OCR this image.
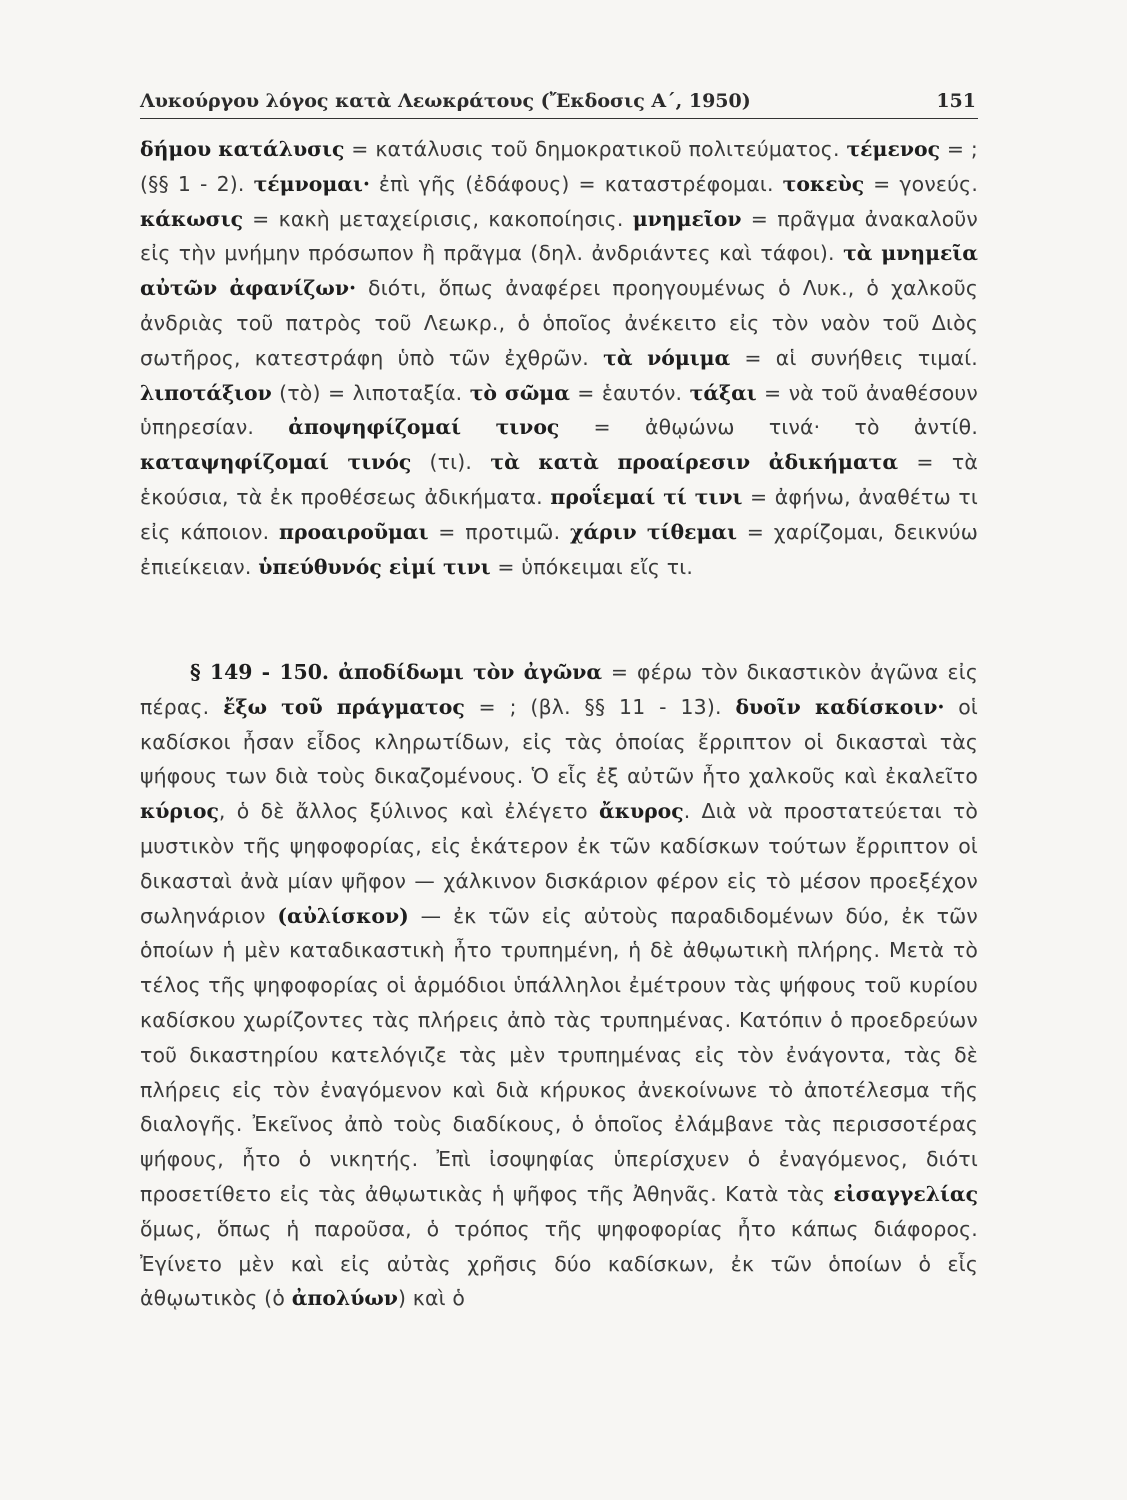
Λυκούργου λόγος κατὰ Λεωκράτους (Ἔκδοσις Α΄, 1950)	151
δήμου κατάλυσις = κατάλυσις τοῦ δημοκρατικοῦ πολιτεύματος. τέμενος = ; (§§ 1 - 2). τέμνομαι· ἐπὶ γῆς (ἐδάφους) = καταστρέφομαι. τοκεὺς = γονεύς. κάκωσις = κακὴ μεταχείρισις, κακοποίησις. μνημεῖον = πρᾶγμα ἀνακαλοῦν εἰς τὴν μνήμην πρόσωπον ἢ πρᾶγμα (δηλ. ἀνδριάντες καὶ τάφοι). τὰ μνημεῖα αὐτῶν ἀφανίζων· διότι, ὅπως ἀναφέρει προηγουμένως ὁ Λυκ., ὁ χαλκοῦς ἀνδριὰς τοῦ πατρὸς τοῦ Λεωκρ., ὁ ὁποῖος ἀνέκειτο εἰς τὸν ναὸν τοῦ Διὸς σωτῆρος, κατεστράφη ὑπὸ τῶν ἐχθρῶν. τὰ νόμιμα = αἱ συνήθεις τιμαί. λιποτάξιον (τὸ) = λιποταξία. τὸ σῶμα = ἑαυτόν. τάξαι = νὰ τοῦ ἀναθέσουν ὑπηρεσίαν. ἀποψηφίζομαί τινος = ἀθῳώνω τινά· τὸ ἀντίθ. καταψηφίζομαί τινός (τι). τὰ κατὰ προαίρεσιν ἀδικήματα = τὰ ἑκούσια, τὰ ἐκ προθέσεως ἀδικήματα. προΐεμαί τί τινι = ἀφήνω, ἀναθέτω τι εἰς κάποιον. προαιροῦμαι = προτιμῶ. χάριν τίθεμαι = χαρίζομαι, δεικνύω ἐπιείκειαν. ὑπεύθυνός εἰμί τινι = ὑπόκειμαι εἴς τι.
§ 149 - 150. ἀποδίδωμι τὸν ἀγῶνα = φέρω τὸν δικαστικὸν ἀγῶνα εἰς πέρας. ἔξω τοῦ πράγματος = ; (βλ. §§ 11 - 13). δυοῖν καδίσκοιν· οἱ καδίσκοι ἦσαν εἶδος κληρωτίδων, εἰς τὰς ὁποίας ἔρριπτον οἱ δικασταὶ τὰς ψήφους των διὰ τοὺς δικαζομένους. Ὁ εἷς ἐξ αὐτῶν ἦτο χαλκοῦς καὶ ἐκαλεῖτο κύριος, ὁ δὲ ἄλλος ξύλινος καὶ ἐλέγετο ἄκυρος. Διὰ νὰ προστατεύεται τὸ μυστικὸν τῆς ψηφοφορίας, εἰς ἑκάτερον ἐκ τῶν καδίσκων τούτων ἔρριπτον οἱ δικασταὶ ἀνὰ μίαν ψῆφον — χάλκινον δισκάριον φέρον εἰς τὸ μέσον προεξέχον σωληνάριον (αὐλίσκον) — ἐκ τῶν εἰς αὐτοὺς παραδιδομένων δύο, ἐκ τῶν ὁποίων ἡ μὲν καταδικαστικὴ ἦτο τρυπημένη, ἡ δὲ ἀθῳωτικὴ πλήρης. Μετὰ τὸ τέλος τῆς ψηφοφορίας οἱ ἁρμόδιοι ὑπάλληλοι ἐμέτρουν τὰς ψήφους τοῦ κυρίου καδίσκου χωρίζοντες τὰς πλήρεις ἀπὸ τὰς τρυπημένας. Κατόπιν ὁ προεδρεύων τοῦ δικαστηρίου κατελόγιζε τὰς μὲν τρυπημένας εἰς τὸν ἐνάγοντα, τὰς δὲ πλήρεις εἰς τὸν ἐναγόμενον καὶ διὰ κήρυκος ἀνεκοίνωνε τὸ ἀποτέλεσμα τῆς διαλογῆς. Ἐκεῖνος ἀπὸ τοὺς διαδίκους, ὁ ὁποῖος ἐλάμβανε τὰς περισσοτέρας ψήφους, ἦτο ὁ νικητής. Ἐπὶ ἰσοψηφίας ὑπερίσχυεν ὁ ἐναγόμενος, διότι προσετίθετο εἰς τὰς ἀθῳωτικὰς ἡ ψῆφος τῆς Ἀθηνᾶς. Κατὰ τὰς εἰσαγγελίας ὅμως, ὅπως ἡ παροῦσα, ὁ τρόπος τῆς ψηφοφορίας ἦτο κάπως διάφορος. Ἐγίνετο μὲν καὶ εἰς αὐτὰς χρῆσις δύο καδίσκων, ἐκ τῶν ὁποίων ὁ εἷς ἀθῳωτικὸς (ὁ ἀπολύων) καὶ ὁ
